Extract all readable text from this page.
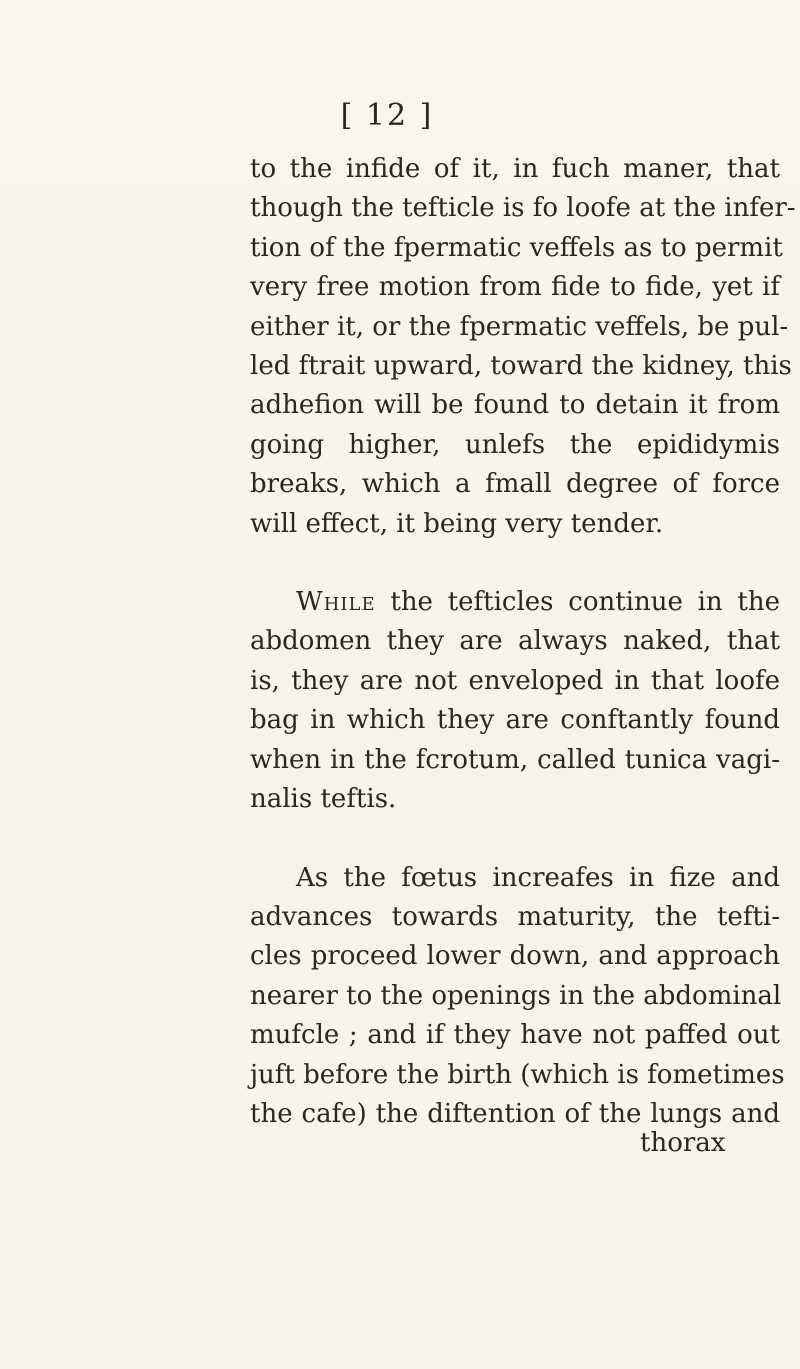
[ 12 ]
to the infide of it, in fuch maner, that
though the tefticle is fo loofe at the infer-
tion of the fpermatic veffels as to permit
very free motion from fide to fide, yet if
either it, or the fpermatic veffels, be pul-
led ftrait upward, toward the kidney, this
adhefion will be found to detain it from
going higher, unlefs the epididymis
breaks, which a fmall degree of force
will effect, it being very tender.
While the tefticles continue in the
abdomen they are always naked, that
is, they are not enveloped in that loofe
bag in which they are conftantly found
when in the fcrotum, called tunica vagi-
nalis teftis.
As the fœtus increafes in fize and
advances towards maturity, the tefti-
cles proceed lower down, and approach
nearer to the openings in the abdominal
mufcle ; and if they have not paffed out
juft before the birth (which is fometimes
the cafe) the diftention of the lungs and
thorax
